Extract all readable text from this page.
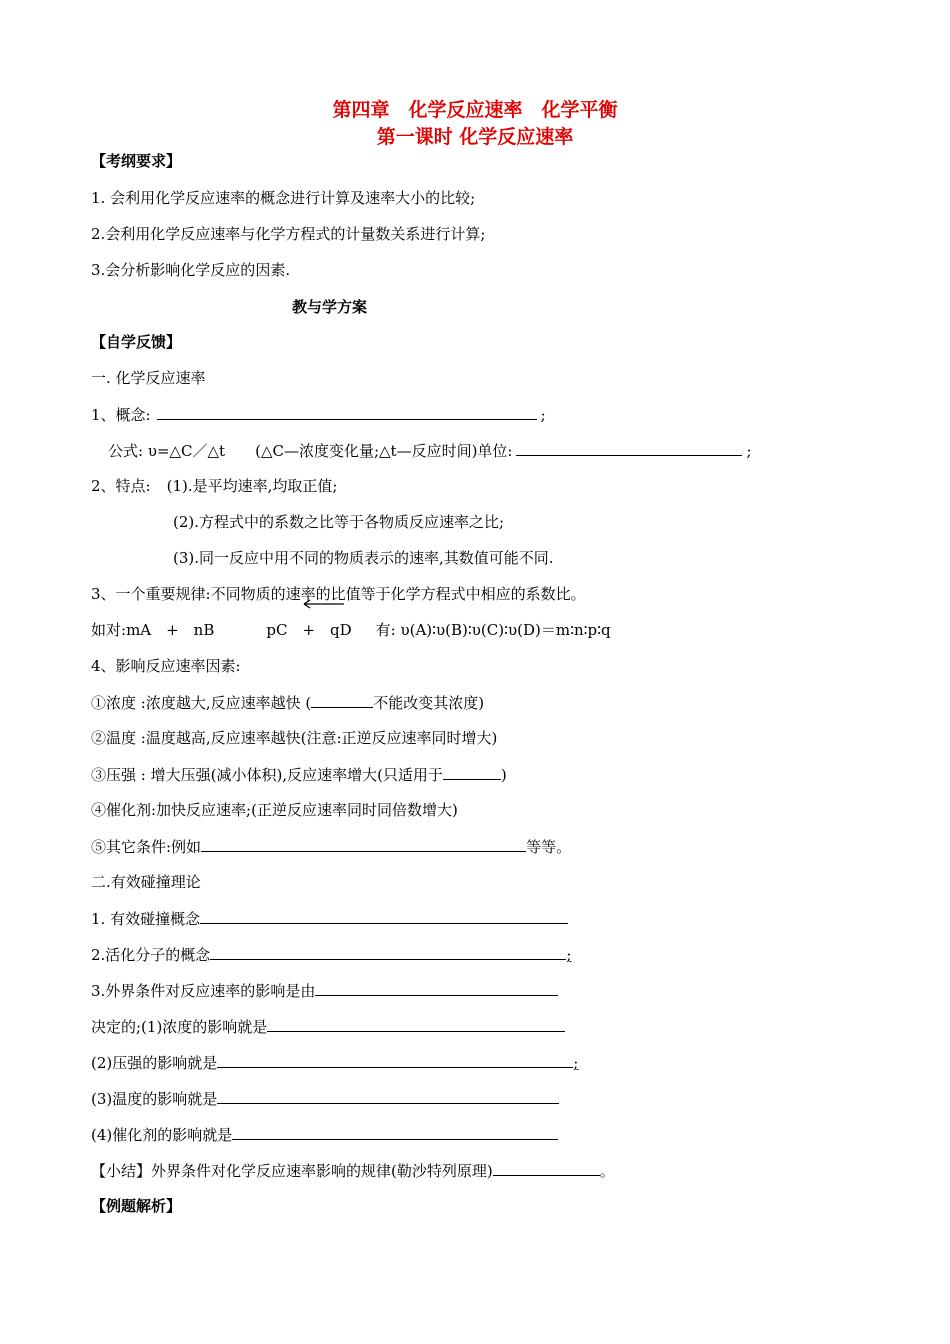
第四章　化学反应速率　化学平衡
第一课时 化学反应速率
【考纲要求】
1. 会利用化学反应速率的概念进行计算及速率大小的比较;
2.会利用化学反应速率与化学方程式的计量数关系进行计算;
3.会分析影响化学反应的因素.
教与学方案
【自学反馈】
一. 化学反应速率
1、概念:	;
公式: υ=△C／△t (△C—浓度变化量;△t—反应时间)单位:	;
2、特点: (1).是平均速率,均取正值;
(2).方程式中的系数之比等于各物质反应速率之比;
(3).同一反应中用不同的物质表示的速率,其数值可能不同.
3、一个重要规律:不同物质的速率的比值等于化学方程式中相应的系数比。
如对:mA　+　nB	pC　+　qD 有: υ(A)∶υ(B)∶υ(C)∶υ(D)＝m∶n∶p∶q
4、影响反应速率因素:
①浓度 :浓度越大,反应速率越快 (	不能改变其浓度)
②温度 :温度越高,反应速率越快(注意:正逆反应速率同时增大)
③压强 : 增大压强(减小体积),反应速率增大(只适用于	)
④催化剂:加快反应速率;(正逆反应速率同时同倍数增大)
⑤其它条件:例如	等等。
二.有效碰撞理论
1. 有效碰撞概念
2.活化分子的概念	;
3.外界条件对反应速率的影响是由
决定的;(1)浓度的影响就是
(2)压强的影响就是	;
(3)温度的影响就是
(4)催化剂的影响就是
【小结】外界条件对化学反应速率影响的规律(勒沙特列原理)	。
【例题解析】
